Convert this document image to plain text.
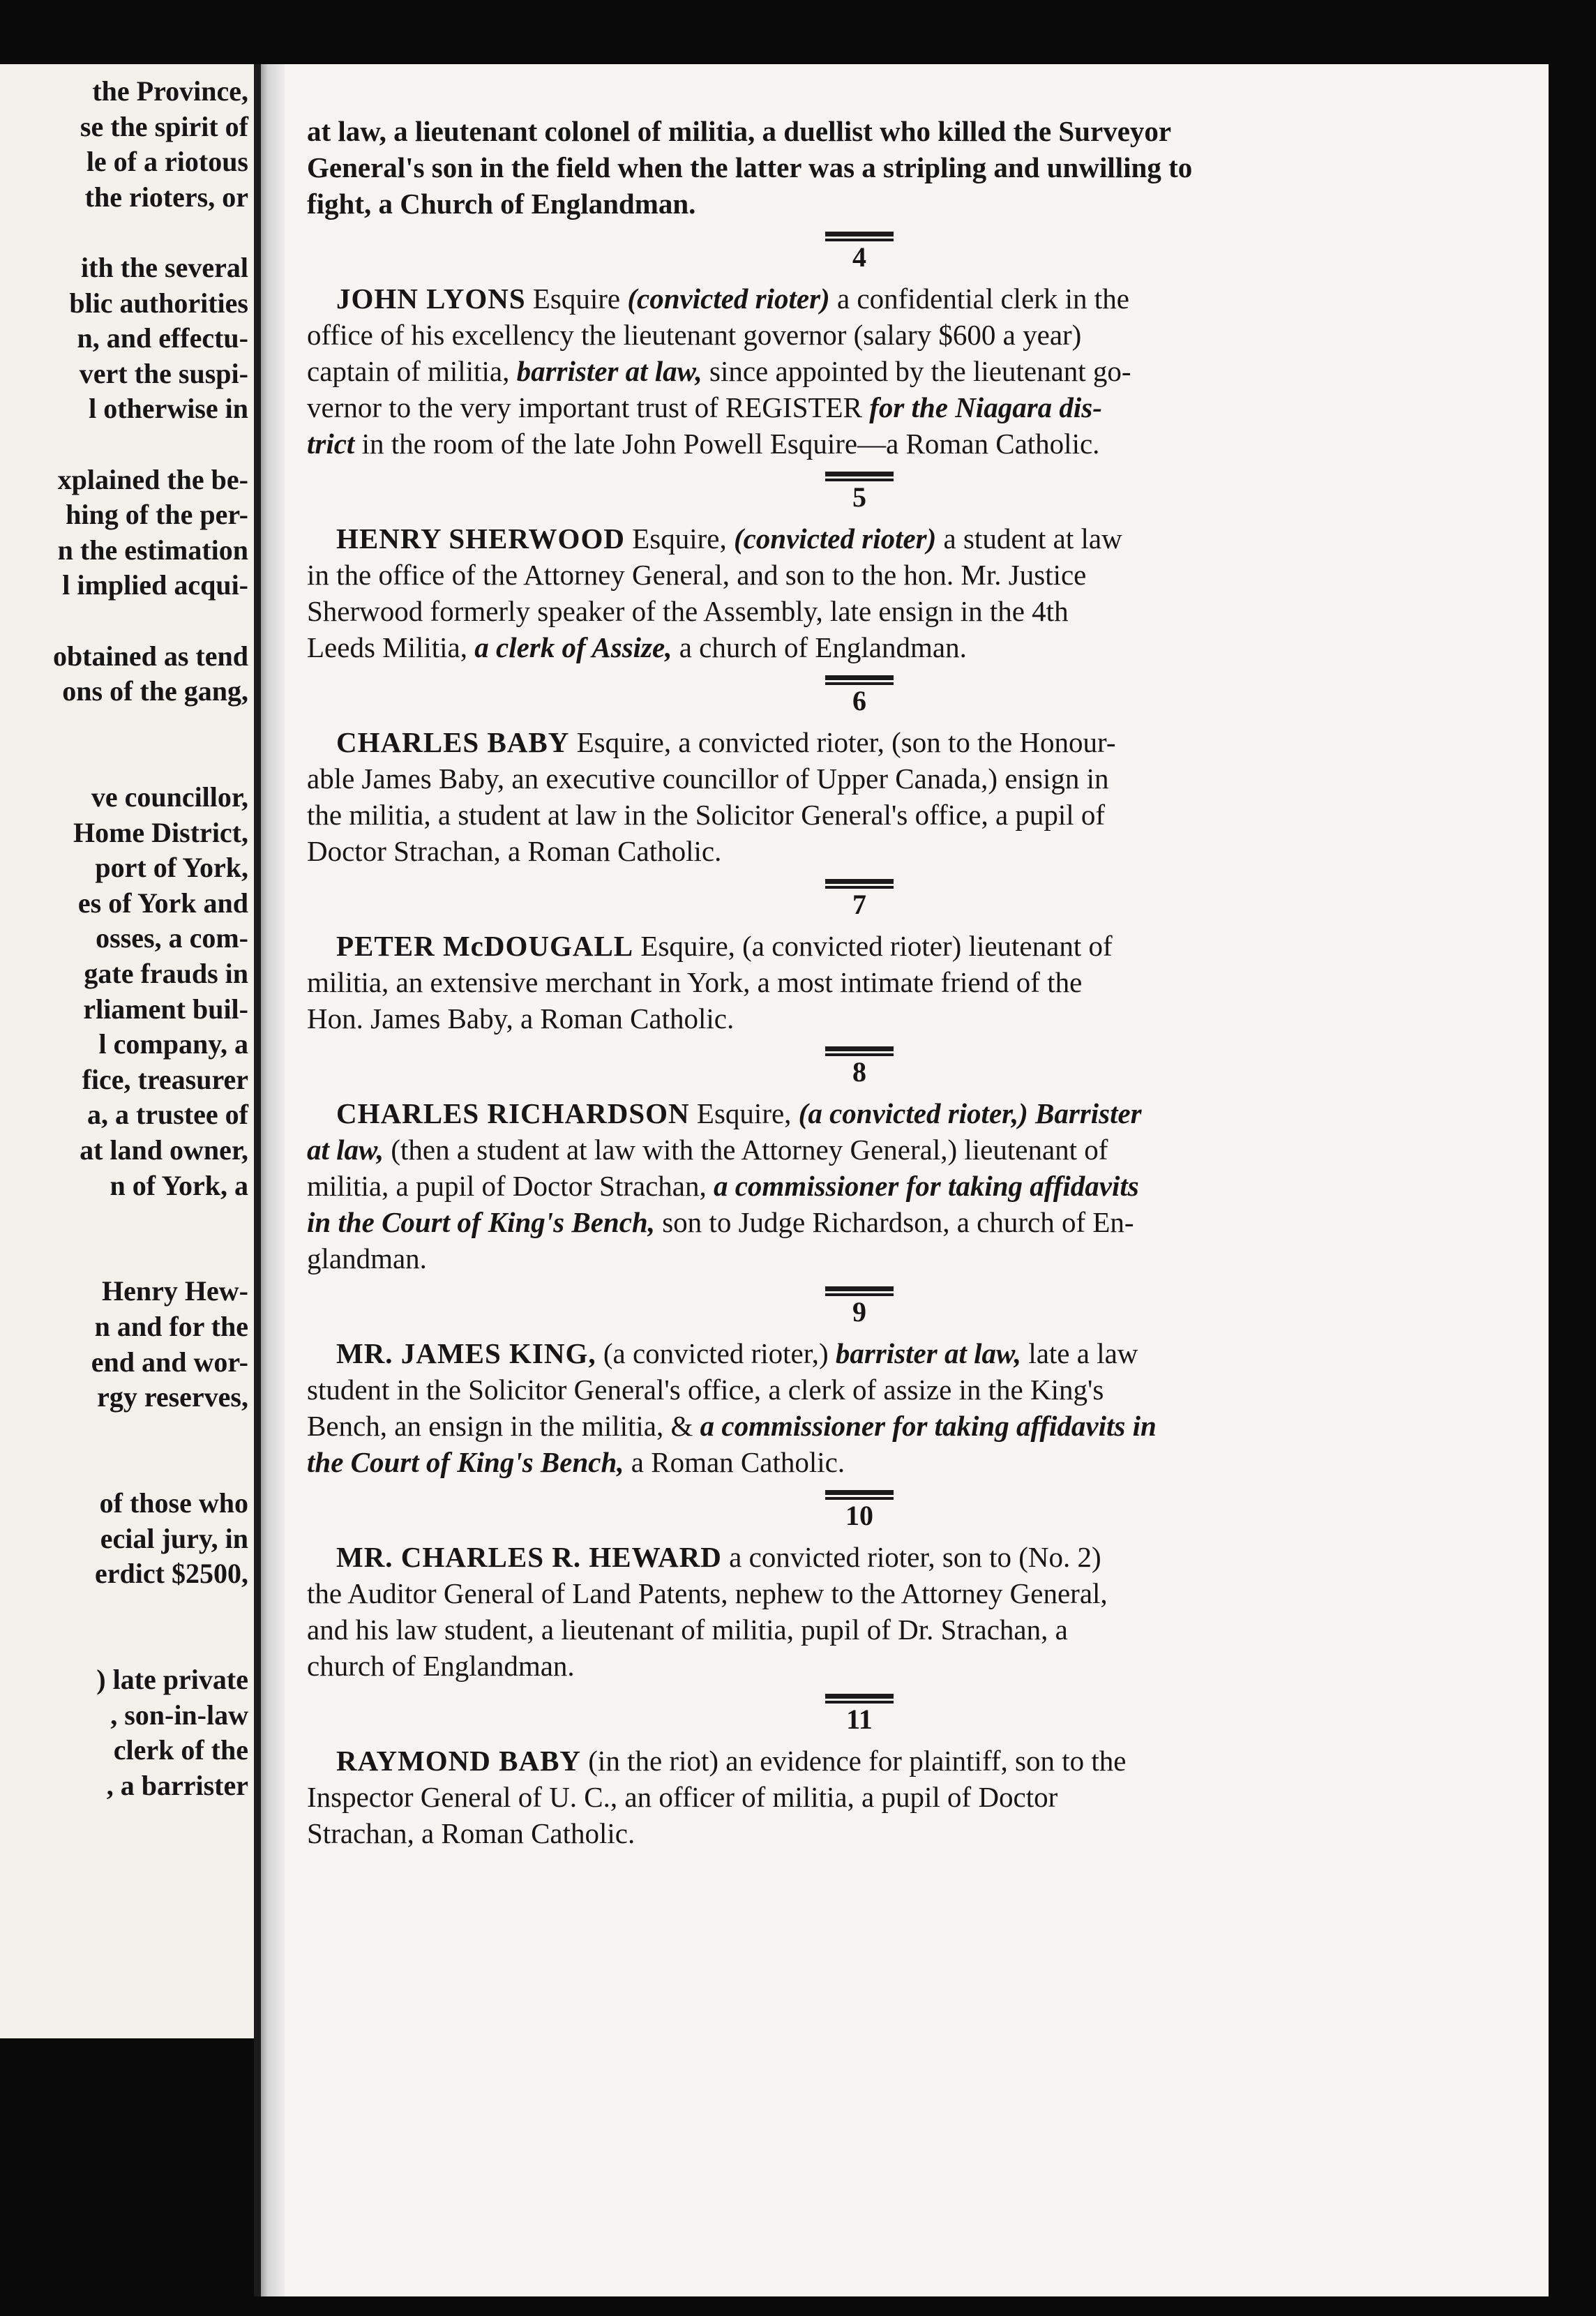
the Province,
se the spirit of
le of a riotous
the rioters, or
ith the several
blic authorities
n, and effectu-
vert the suspi-
l otherwise in
xplained the be-
hing of the per-
n the estimation
l implied acqui-
obtained as tend
ons of the gang,
ve councillor,
Home District,
port of York,
es of York and
osses, a com-
gate frauds in
rliament buil-
l company, a
fice, treasurer
a, a trustee of
at land owner,
n of York, a
Henry Hew-
n and for the
end and wor-
rgy reserves,
of those who
ecial jury, in
erdict $2500,
) late private
, son-in-law
clerk of the
, a barrister
at law, a lieutenant colonel of militia, a duellist who killed the Surveyor
General's son in the field when the latter was a stripling and unwilling to
fight, a Church of Englandman.
4
JOHN LYONS Esquire (convicted rioter) a confidential clerk in the
office of his excellency the lieutenant governor (salary $600 a year)
captain of militia, barrister at law, since appointed by the lieutenant go-
vernor to the very important trust of REGISTER for the Niagara dis-
trict in the room of the late John Powell Esquire—a Roman Catholic.
5
HENRY SHERWOOD Esquire, (convicted rioter) a student at law
in the office of the Attorney General, and son to the hon. Mr. Justice
Sherwood formerly speaker of the Assembly, late ensign in the 4th
Leeds Militia, a clerk of Assize, a church of Englandman.
6
CHARLES BABY Esquire, a convicted rioter, (son to the Honour-
able James Baby, an executive councillor of Upper Canada,) ensign in
the militia, a student at law in the Solicitor General's office, a pupil of
Doctor Strachan, a Roman Catholic.
7
PETER McDOUGALL Esquire, (a convicted rioter) lieutenant of
militia, an extensive merchant in York, a most intimate friend of the
Hon. James Baby, a Roman Catholic.
8
CHARLES RICHARDSON Esquire, (a convicted rioter,) Barrister
at law, (then a student at law with the Attorney General,) lieutenant of
militia, a pupil of Doctor Strachan, a commissioner for taking affidavits
in the Court of King's Bench, son to Judge Richardson, a church of En-
glandman.
9
MR. JAMES KING, (a convicted rioter,) barrister at law, late a law
student in the Solicitor General's office, a clerk of assize in the King's
Bench, an ensign in the militia, & a commissioner for taking affidavits in
the Court of King's Bench, a Roman Catholic.
10
MR. CHARLES R. HEWARD a convicted rioter, son to (No. 2)
the Auditor General of Land Patents, nephew to the Attorney General,
and his law student, a lieutenant of militia, pupil of Dr. Strachan, a
church of Englandman.
11
RAYMOND BABY (in the riot) an evidence for plaintiff, son to the
Inspector General of U. C., an officer of militia, a pupil of Doctor
Strachan, a Roman Catholic.
